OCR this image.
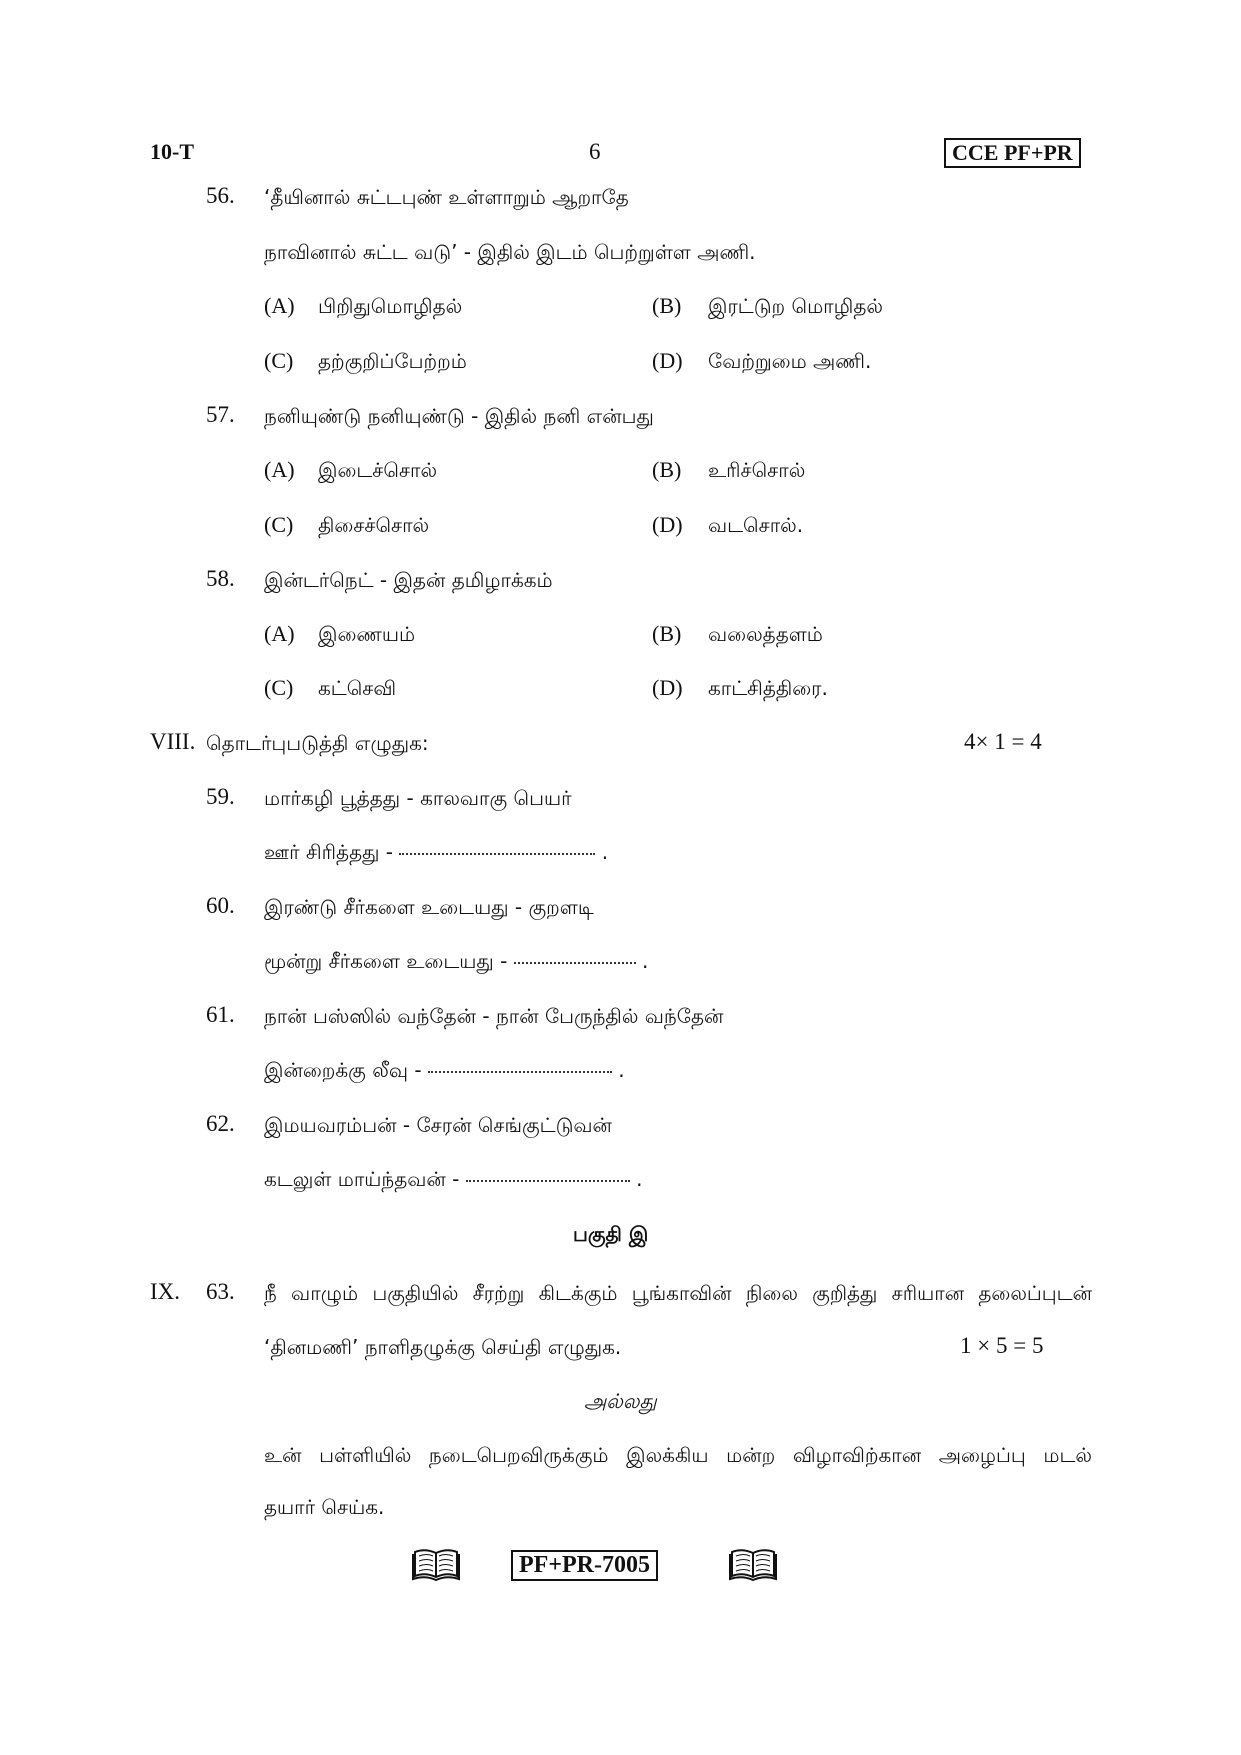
10-T	6	CCE PF+PR
56. ‘தீயினால் சுட்டபுண் உள்ளாறும் ஆறாதே
நாவினால் சுட்ட வடு’ - இதில் இடம் பெற்றுள்ள அணி.
(A) பிறிதுமொழிதல்	(B) இரட்டுற மொழிதல்
(C) தற்குறிப்பேற்றம்	(D) வேற்றுமை அணி.
57. நனியுண்டு நனியுண்டு - இதில் நனி என்பது
(A) இடைச்சொல்	(B) உரிச்சொல்
(C) திசைச்சொல்	(D) வடசொல்.
58. இன்டர்நெட் - இதன் தமிழாக்கம்
(A) இணையம்	(B) வலைத்தளம்
(C) கட்செவி	(D) காட்சித்திரை.
VIII. தொடர்புபடுத்தி எழுதுக:	4× 1 = 4
59. மார்கழி பூத்தது - காலவாகு பெயர்
ஊர் சிரித்தது -	.
60. இரண்டு சீர்களை உடையது - குறளடி
மூன்று சீர்களை உடையது -	.
61. நான் பஸ்ஸில் வந்தேன் - நான் பேருந்தில் வந்தேன்
இன்றைக்கு லீவு -	.
62. இமயவரம்பன் - சேரன் செங்குட்டுவன்
கடலுள் மாய்ந்தவன் -	.
பகுதி இ
IX. 63. நீ வாழும் பகுதியில் சீரற்று கிடக்கும் பூங்காவின் நிலை குறித்து சரியான தலைப்புடன்
‘தினமணி’ நாளிதழுக்கு செய்தி எழுதுக.	1 × 5 = 5
அல்லது
உன் பள்ளியில் நடைபெறவிருக்கும் இலக்கிய மன்ற விழாவிற்கான அழைப்பு மடல்
தயார் செய்க.
PF+PR-7005
